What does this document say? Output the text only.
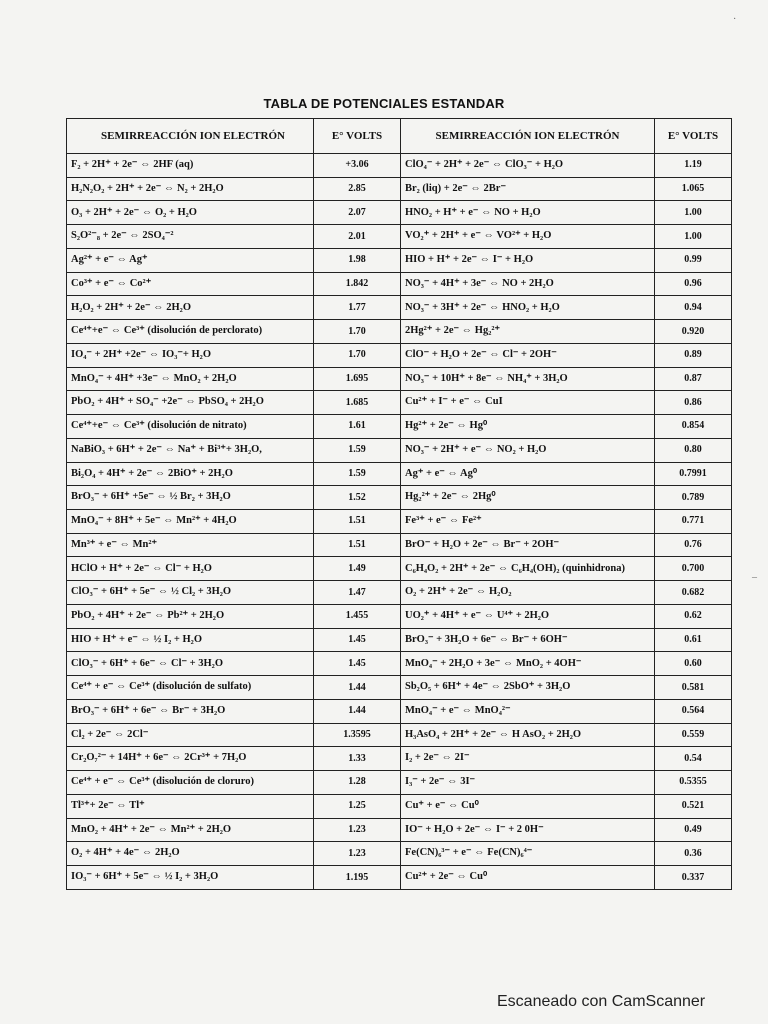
TABLA DE POTENCIALES ESTANDAR
SEMIRREACCIÓN ION ELECTRÓN	E° VOLTS	SEMIRREACCIÓN ION ELECTRÓN	E° VOLTS
F₂ + 2H⁺ + 2e⁻ ⇔ 2HF (aq)	+3.06	ClO₄⁻ + 2H⁺ + 2e⁻ ⇔ ClO₃⁻ + H₂O	1.19
H₂N₂O₂ + 2H⁺ + 2e⁻ ⇔ N₂ + 2H₂O	2.85	Br₂ (liq) + 2e⁻ ⇔ 2Br⁻	1.065
O₃ + 2H⁺ + 2e⁻ ⇔ O₂ + H₂O	2.07	HNO₂ + H⁺ + e⁻ ⇔ NO + H₂O	1.00
S₂O²⁻₈ + 2e⁻ ⇔ 2SO₄⁻²	2.01	VO₂⁺ + 2H⁺ + e⁻ ⇔ VO²⁺ + H₂O	1.00
Ag²⁺ + e⁻ ⇔ Ag⁺	1.98	HIO + H⁺ + 2e⁻ ⇔ I⁻ + H₂O	0.99
Co³⁺ + e⁻ ⇔ Co²⁺	1.842	NO₃⁻ + 4H⁺ + 3e⁻ ⇔ NO + 2H₂O	0.96
H₂O₂ + 2H⁺ + 2e⁻ ⇔ 2H₂O	1.77	NO₃⁻ + 3H⁺ + 2e⁻ ⇔ HNO₂ + H₂O	0.94
Ce⁴⁺+e⁻ ⇔ Ce³⁺ (disolución de perclorato)	1.70	2Hg²⁺ + 2e⁻ ⇔ Hg₂²⁺	0.920
IO₄⁻ + 2H⁺ +2e⁻ ⇔ IO₃⁻+ H₂O	1.70	ClO⁻ + H₂O + 2e⁻ ⇔ Cl⁻ + 2OH⁻	0.89
MnO₄⁻ + 4H⁺ +3e⁻ ⇔ MnO₂ + 2H₂O	1.695	NO₃⁻ + 10H⁺ + 8e⁻ ⇔ NH₄⁺ + 3H₂O	0.87
PbO₂ + 4H⁺ + SO₄⁻ +2e⁻ ⇔ PbSO₄ + 2H₂O	1.685	Cu²⁺ + I⁻ + e⁻ ⇔ CuI	0.86
Ce⁴⁺+e⁻ ⇔ Ce³⁺ (disolución de nitrato)	1.61	Hg²⁺ + 2e⁻ ⇔ Hg⁰	0.854
NaBiO₃ + 6H⁺ + 2e⁻ ⇔ Na⁺ + Bi³⁺+ 3H₂O,	1.59	NO₃⁻ + 2H⁺ + e⁻ ⇔ NO₂ + H₂O	0.80
Bi₂O₄ + 4H⁺ + 2e⁻ ⇔ 2BiO⁺ + 2H₂O	1.59	Ag⁺ + e⁻ ⇔ Ag⁰	0.7991
BrO₃⁻ + 6H⁺ +5e⁻ ⇔ ½ Br₂ + 3H₂O	1.52	Hg₂²⁺ + 2e⁻ ⇔ 2Hg⁰	0.789
MnO₄⁻ + 8H⁺ + 5e⁻ ⇔ Mn²⁺ + 4H₂O	1.51	Fe³⁺ + e⁻ ⇔ Fe²⁺	0.771
Mn³⁺ + e⁻ ⇔ Mn²⁺	1.51	BrO⁻ + H₂O + 2e⁻ ⇔ Br⁻ + 2OH⁻	0.76
HClO + H⁺ + 2e⁻ ⇔ Cl⁻ + H₂O	1.49	C₆H₄O₂ + 2H⁺ + 2e⁻ ⇔ C₆H₄(OH)₂ (quinhidrona)	0.700
ClO₃⁻ + 6H⁺ + 5e⁻ ⇔ ½ Cl₂ + 3H₂O	1.47	O₂ + 2H⁺ + 2e⁻ ⇔ H₂O₂	0.682
PbO₂ + 4H⁺ + 2e⁻ ⇔ Pb²⁺ + 2H₂O	1.455	UO₂⁺ + 4H⁺ + e⁻ ⇔ U⁴⁺ + 2H₂O	0.62
HIO + H⁺ + e⁻ ⇔ ½ I₂ + H₂O	1.45	BrO₃⁻ + 3H₂O + 6e⁻ ⇔ Br⁻ + 6OH⁻	0.61
ClO₃⁻ + 6H⁺ + 6e⁻ ⇔ Cl⁻ + 3H₂O	1.45	MnO₄⁻ + 2H₂O + 3e⁻ ⇔ MnO₂ + 4OH⁻	0.60
Ce⁴⁺ + e⁻ ⇔ Ce³⁺ (disolución de sulfato)	1.44	Sb₂O₅ + 6H⁺ + 4e⁻ ⇔ 2SbO⁺ + 3H₂O	0.581
BrO₃⁻ + 6H⁺ + 6e⁻ ⇔ Br⁻ + 3H₂O	1.44	MnO₄⁻ + e⁻ ⇔ MnO₄²⁻	0.564
Cl₂ + 2e⁻ ⇔ 2Cl⁻	1.3595	H₃AsO₄ + 2H⁺ + 2e⁻ ⇔ H AsO₂ + 2H₂O	0.559
Cr₂O₇²⁻ + 14H⁺ + 6e⁻ ⇔ 2Cr³⁺ + 7H₂O	1.33	I₂ + 2e⁻ ⇔ 2I⁻	0.54
Ce⁴⁺ + e⁻ ⇔ Ce³⁺ (disolución de cloruro)	1.28	I₃⁻ + 2e⁻ ⇔ 3I⁻	0.5355
Tl³⁺+ 2e⁻ ⇔ Tl⁺	1.25	Cu⁺ + e⁻ ⇔ Cu⁰	0.521
MnO₂ + 4H⁺ + 2e⁻ ⇔ Mn²⁺ + 2H₂O	1.23	IO⁻ + H₂O + 2e⁻ ⇔ I⁻ + 2 0H⁻	0.49
O₂ + 4H⁺ + 4e⁻ ⇔ 2H₂O	1.23	Fe(CN)₆³⁻ + e⁻ ⇔ Fe(CN)₆⁴⁻	0.36
IO₃⁻ + 6H⁺ + 5e⁻ ⇔ ½ I₂ + 3H₂O	1.195	Cu²⁺ + 2e⁻ ⇔ Cu⁰	0.337
Escaneado con CamScanner
·
–
